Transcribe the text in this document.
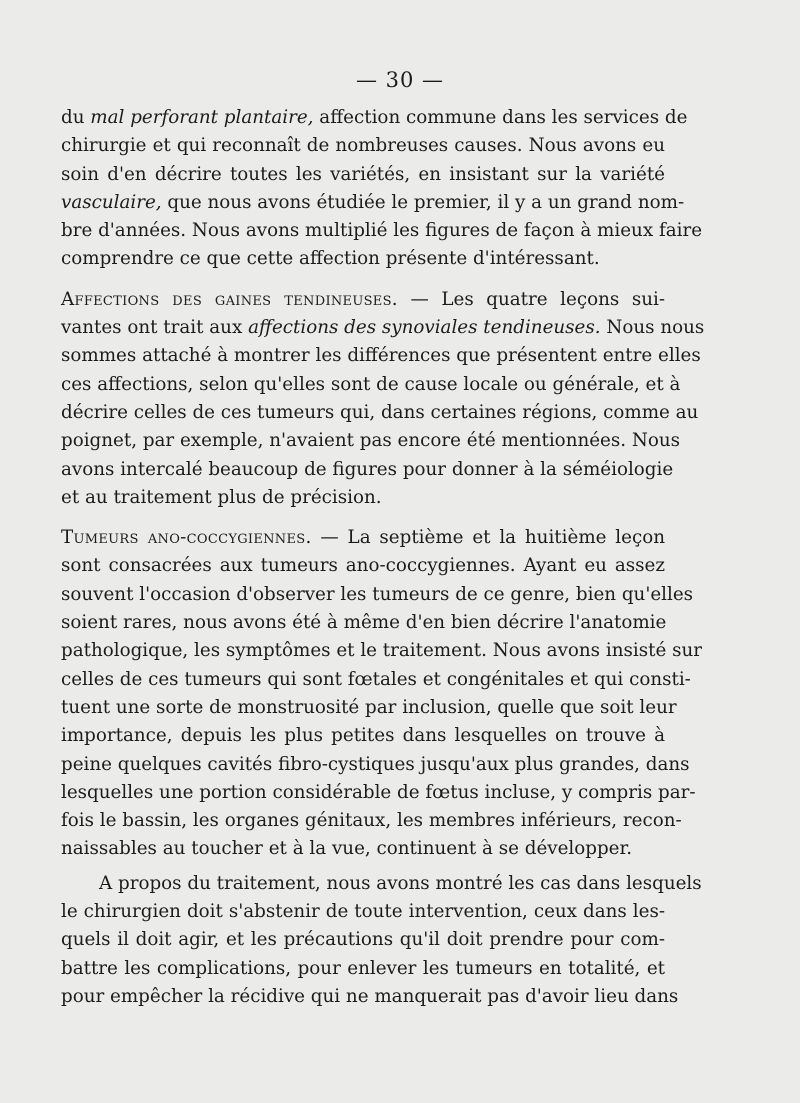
— 30 —
du mal perforant plantaire, affection commune dans les services de
chirurgie et qui reconnaît de nombreuses causes. Nous avons eu
soin d'en décrire toutes les variétés, en insistant sur la variété
vasculaire, que nous avons étudiée le premier, il y a un grand nom-
bre d'années. Nous avons multiplié les figures de façon à mieux faire
comprendre ce que cette affection présente d'intéressant.
Affections des gaines tendineuses. — Les quatre leçons sui-
vantes ont trait aux affections des synoviales tendineuses. Nous nous
sommes attaché à montrer les différences que présentent entre elles
ces affections, selon qu'elles sont de cause locale ou générale, et à
décrire celles de ces tumeurs qui, dans certaines régions, comme au
poignet, par exemple, n'avaient pas encore été mentionnées. Nous
avons intercalé beaucoup de figures pour donner à la séméiologie
et au traitement plus de précision.
Tumeurs ano-coccygiennes. — La septième et la huitième leçon
sont consacrées aux tumeurs ano-coccygiennes. Ayant eu assez
souvent l'occasion d'observer les tumeurs de ce genre, bien qu'elles
soient rares, nous avons été à même d'en bien décrire l'anatomie
pathologique, les symptômes et le traitement. Nous avons insisté sur
celles de ces tumeurs qui sont fœtales et congénitales et qui consti-
tuent une sorte de monstruosité par inclusion, quelle que soit leur
importance, depuis les plus petites dans lesquelles on trouve à
peine quelques cavités fibro-cystiques jusqu'aux plus grandes, dans
lesquelles une portion considérable de fœtus incluse, y compris par-
fois le bassin, les organes génitaux, les membres inférieurs, recon-
naissables au toucher et à la vue, continuent à se développer.
A propos du traitement, nous avons montré les cas dans lesquels
le chirurgien doit s'abstenir de toute intervention, ceux dans les-
quels il doit agir, et les précautions qu'il doit prendre pour com-
battre les complications, pour enlever les tumeurs en totalité, et
pour empêcher la récidive qui ne manquerait pas d'avoir lieu dans
